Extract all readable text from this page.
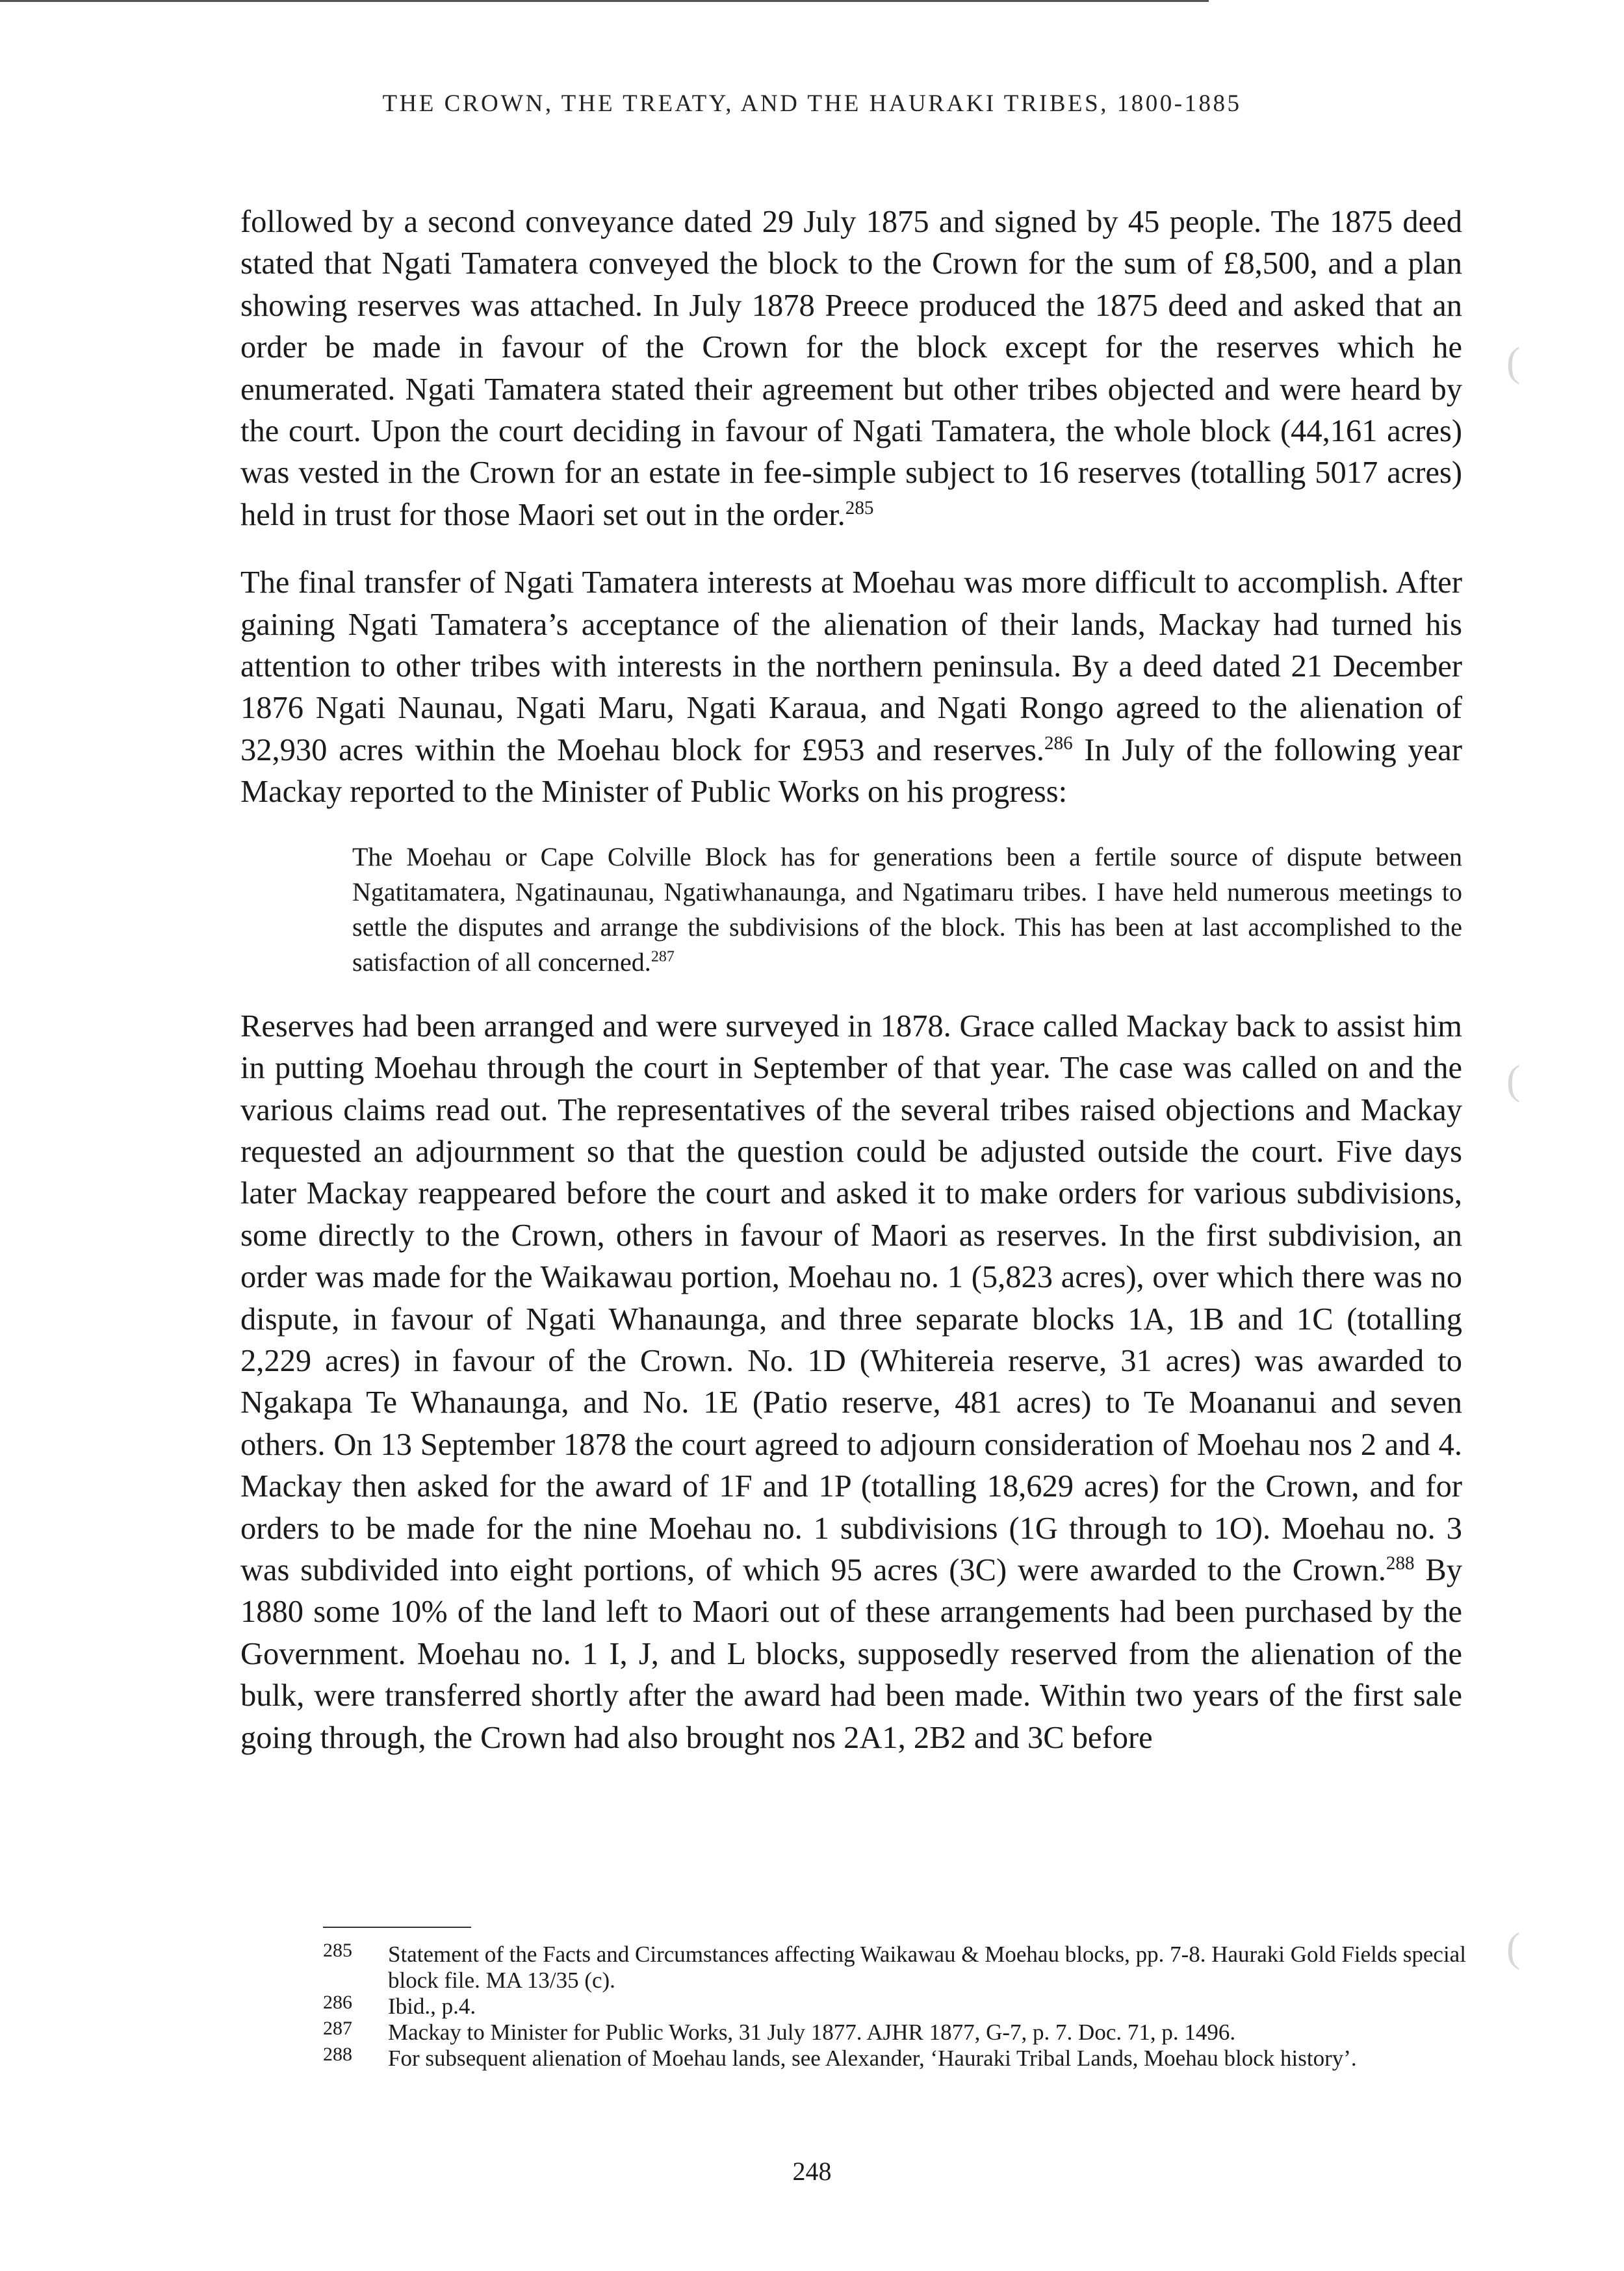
THE CROWN, THE TREATY, AND THE HAURAKI TRIBES, 1800-1885

followed by a second conveyance dated 29 July 1875 and signed by 45 people. The 1875 deed stated that Ngati Tamatera conveyed the block to the Crown for the sum of £8,500, and a plan showing reserves was attached. In July 1878 Preece produced the 1875 deed and asked that an order be made in favour of the Crown for the block except for the reserves which he enumerated. Ngati Tamatera stated their agreement but other tribes objected and were heard by the court. Upon the court deciding in favour of Ngati Tamatera, the whole block (44,161 acres) was vested in the Crown for an estate in fee-simple subject to 16 reserves (totalling 5017 acres) held in trust for those Maori set out in the order.$^{285}$

The final transfer of Ngati Tamatera interests at Moehau was more difficult to accomplish. After gaining Ngati Tamatera’s acceptance of the alienation of their lands, Mackay had turned his attention to other tribes with interests in the northern peninsula. By a deed dated 21 December 1876 Ngati Naunau, Ngati Maru, Ngati Karaua, and Ngati Rongo agreed to the alienation of 32,930 acres within the Moehau block for £953 and reserves.$^{286}$ In July of the following year Mackay reported to the Minister of Public Works on his progress:

The Moehau or Cape Colville Block has for generations been a fertile source of dispute between Ngatitamatera, Ngatinaunau, Ngatiwhanaunga, and Ngatimaru tribes. I have held numerous meetings to settle the disputes and arrange the subdivisions of the block. This has been at last accomplished to the satisfaction of all concerned.$^{287}$

Reserves had been arranged and were surveyed in 1878. Grace called Mackay back to assist him in putting Moehau through the court in September of that year. The case was called on and the various claims read out. The representatives of the several tribes raised objections and Mackay requested an adjournment so that the question could be adjusted outside the court. Five days later Mackay reappeared before the court and asked it to make orders for various subdivisions, some directly to the Crown, others in favour of Maori as reserves. In the first subdivision, an order was made for the Waikawau portion, Moehau no. 1 (5,823 acres), over which there was no dispute, in favour of Ngati Whanaunga, and three separate blocks 1A, 1B and 1C (totalling 2,229 acres) in favour of the Crown. No. 1D (Whitereia reserve, 31 acres) was awarded to Ngakapa Te Whanaunga, and No. 1E (Patio reserve, 481 acres) to Te Moananui and seven others. On 13 September 1878 the court agreed to adjourn consideration of Moehau nos 2 and 4. Mackay then asked for the award of 1F and 1P (totalling 18,629 acres) for the Crown, and for orders to be made for the nine Moehau no. 1 subdivisions (1G through to 1O). Moehau no. 3 was subdivided into eight portions, of which 95 acres (3C) were awarded to the Crown.$^{288}$ By 1880 some 10% of the land left to Maori out of these arrangements had been purchased by the Government. Moehau no. 1 I, J, and L blocks, supposedly reserved from the alienation of the bulk, were transferred shortly after the award had been made. Within two years of the first sale going through, the Crown had also brought nos 2A1, 2B2 and 3C before

285 Statement of the Facts and Circumstances affecting Waikawau & Moehau blocks, pp. 7-8. Hauraki Gold Fields special block file. MA 13/35 (c).

286 Ibid., p.4.

287 Mackay to Minister for Public Works, 31 July 1877. AJHR 1877, G-7, p. 7. Doc. 71, p. 1496.

288 For subsequent alienation of Moehau lands, see Alexander, ‘Hauraki Tribal Lands, Moehau block history’.

248
(
(
(
